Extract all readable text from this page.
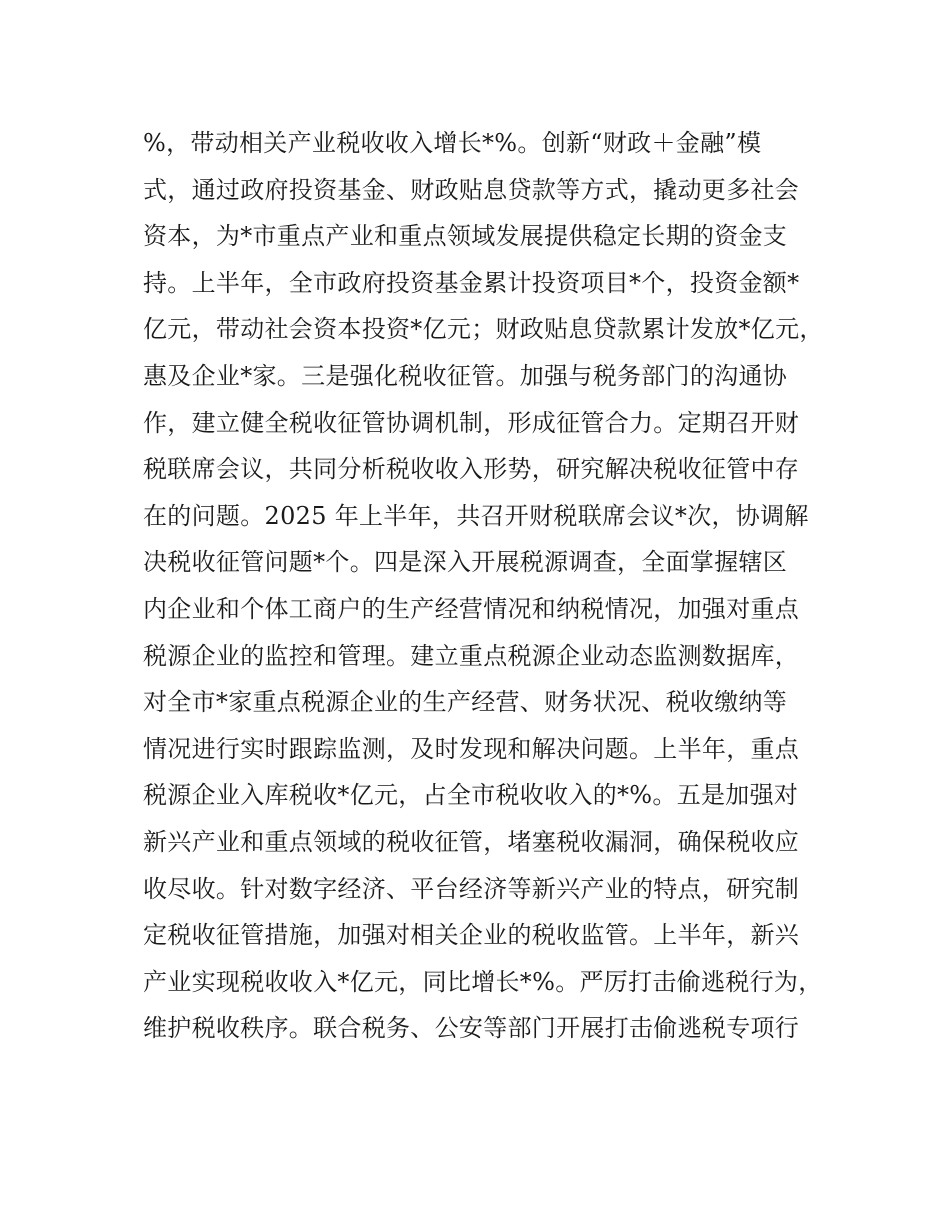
%，带动相关产业税收收入增长*%。创新“财政＋金融”模
式，通过政府投资基金、财政贴息贷款等方式，撬动更多社会
资本，为*市重点产业和重点领域发展提供稳定长期的资金支
持。上半年，全市政府投资基金累计投资项目*个，投资金额*
亿元，带动社会资本投资*亿元；财政贴息贷款累计发放*亿元，
惠及企业*家。三是强化税收征管。加强与税务部门的沟通协
作，建立健全税收征管协调机制，形成征管合力。定期召开财
税联席会议，共同分析税收收入形势，研究解决税收征管中存
在的问题。2025 年上半年，共召开财税联席会议*次，协调解
决税收征管问题*个。四是深入开展税源调查，全面掌握辖区
内企业和个体工商户的生产经营情况和纳税情况，加强对重点
税源企业的监控和管理。建立重点税源企业动态监测数据库，
对全市*家重点税源企业的生产经营、财务状况、税收缴纳等
情况进行实时跟踪监测，及时发现和解决问题。上半年，重点
税源企业入库税收*亿元，占全市税收收入的*%。五是加强对
新兴产业和重点领域的税收征管，堵塞税收漏洞，确保税收应
收尽收。针对数字经济、平台经济等新兴产业的特点，研究制
定税收征管措施，加强对相关企业的税收监管。上半年，新兴
产业实现税收收入*亿元，同比增长*%。严厉打击偷逃税行为，
维护税收秩序。联合税务、公安等部门开展打击偷逃税专项行
